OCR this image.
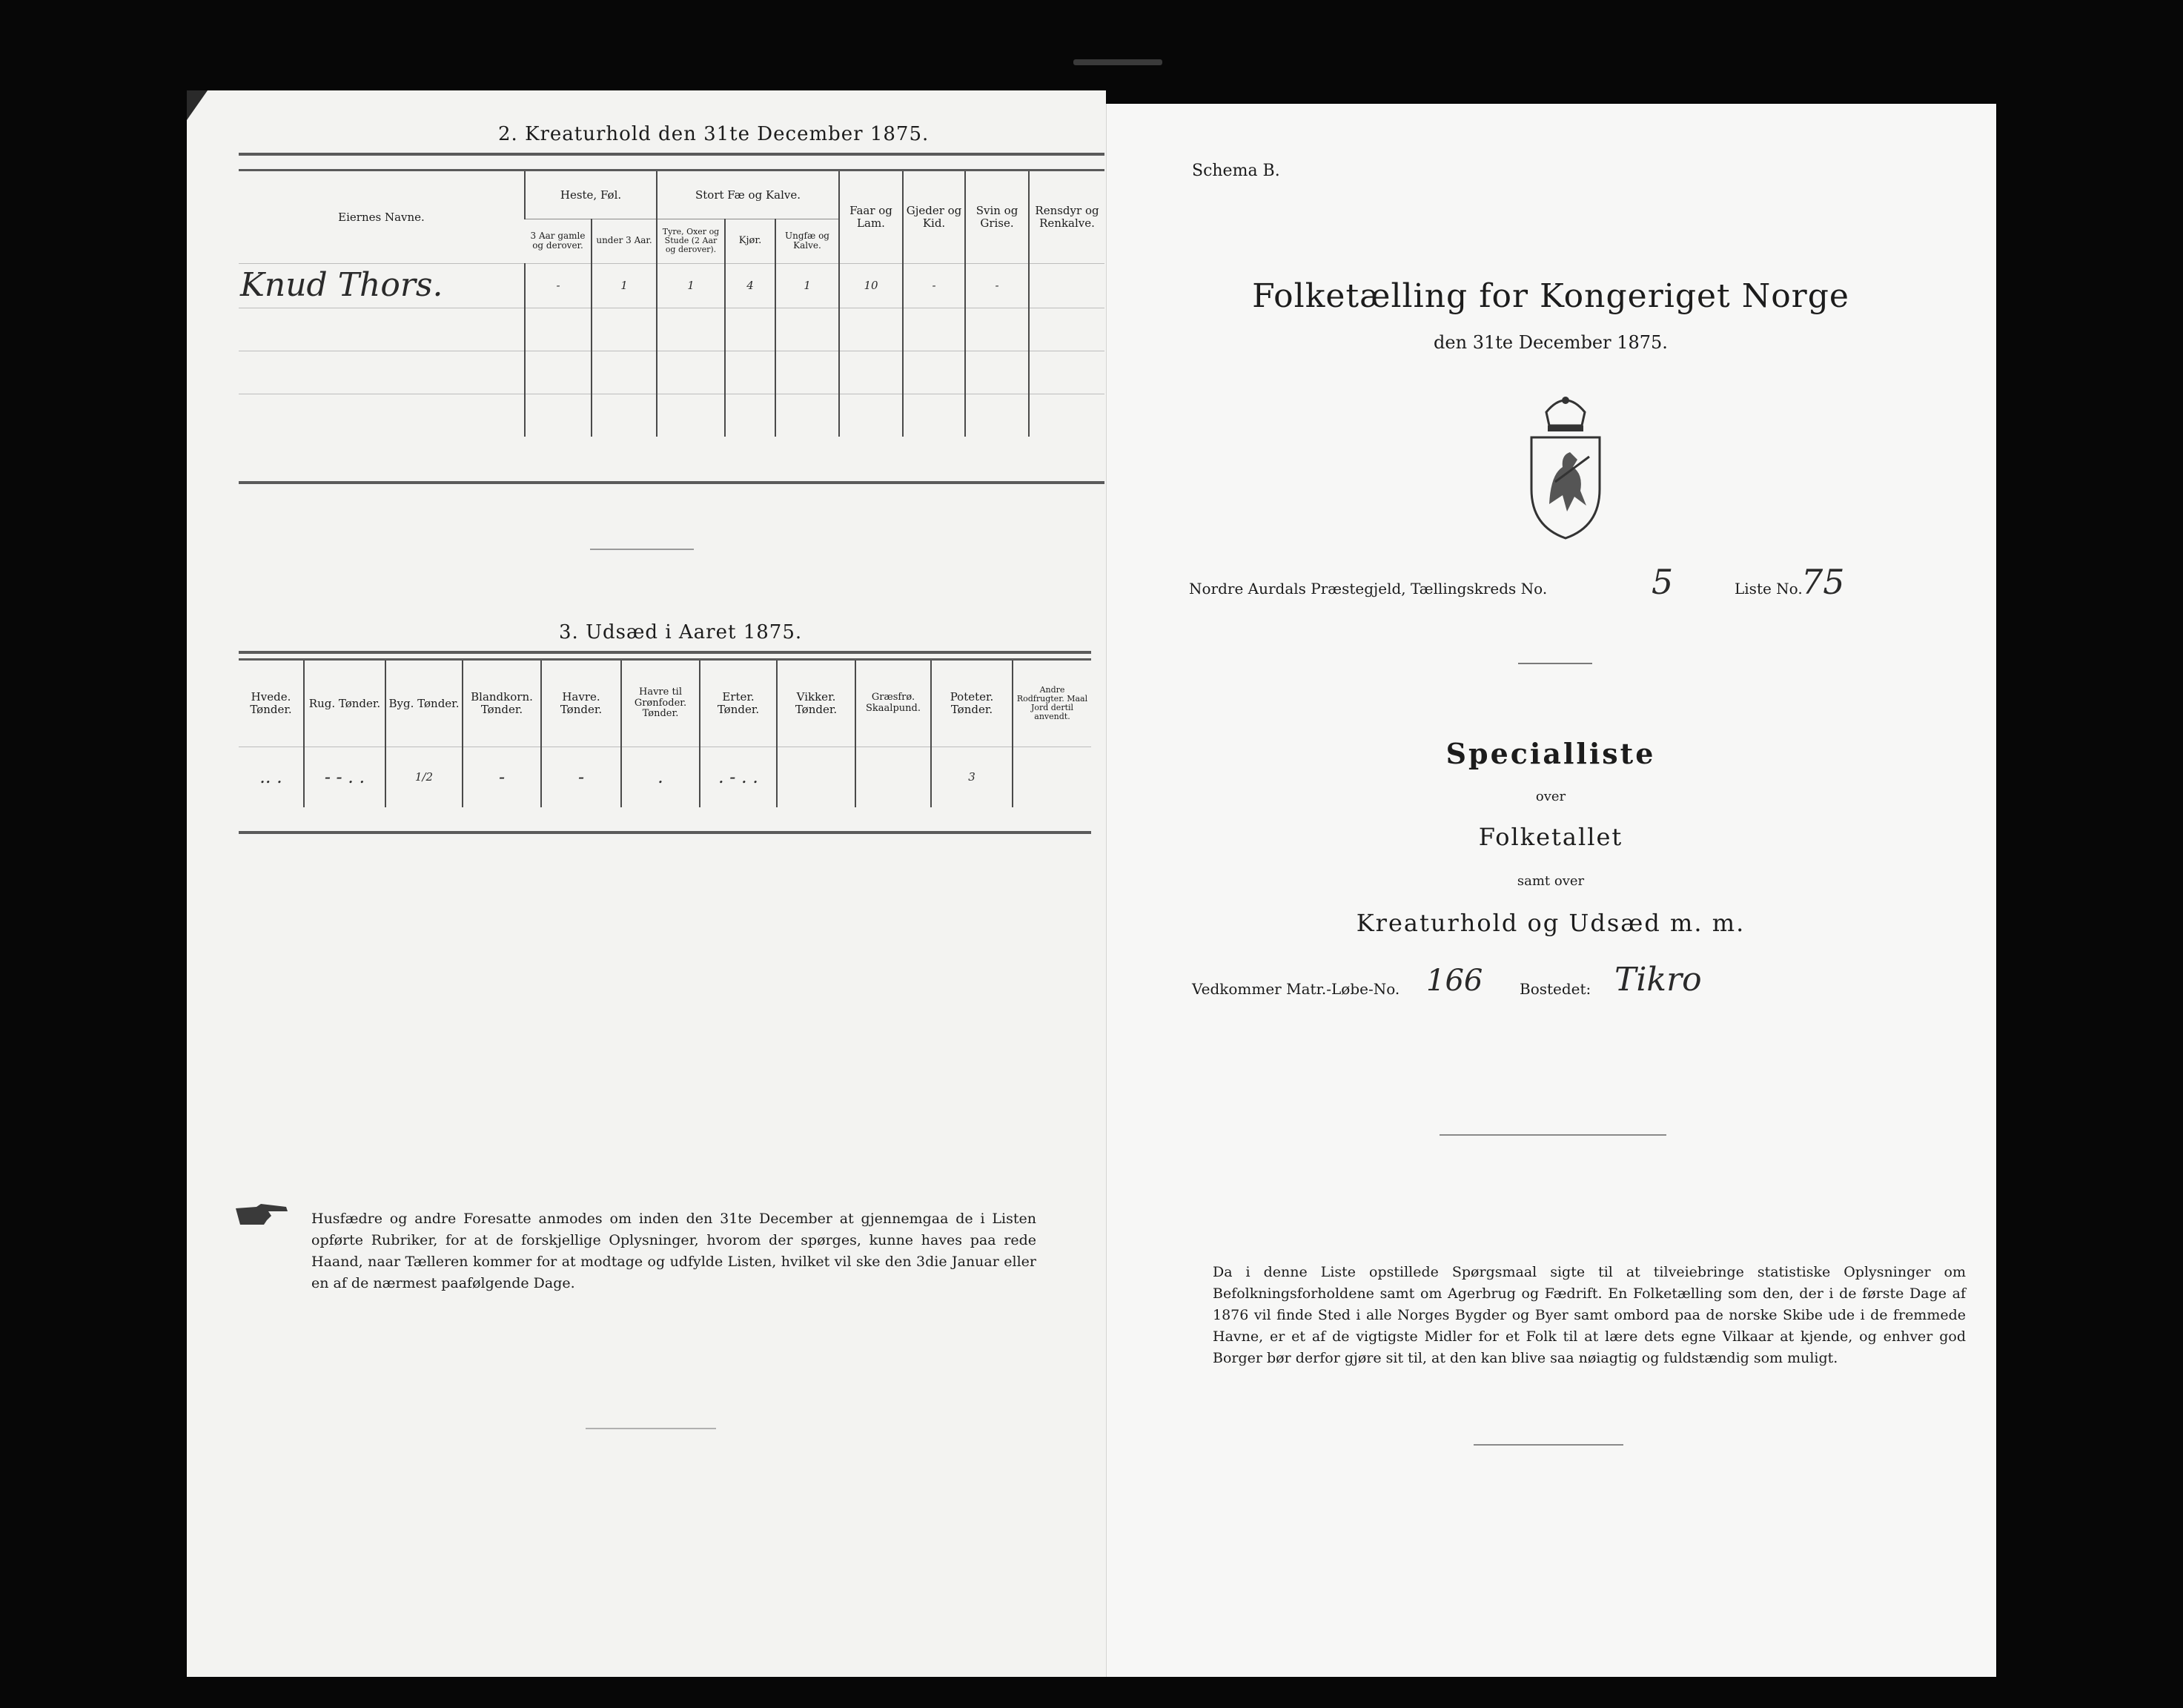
2. Kreaturhold den 31te December 1875.
Eiernes Navne.	Heste, Føl.		Stort Fæ og Kalve.			Faar og Lam.	Gjeder og Kid.	Svin og Grise.	Rensdyr og Renkalve.
	3 Aar gamle og derover.	under 3 Aar.	Tyre, Oxer og Stude (2 Aar og derover).	Kjør.	Ungfæ og Kalve.				
Knud Thors.	-	1	1	4	1	10	-	-	

3. Udsæd i Aaret 1875.
Hvede. Tønder.	Rug. Tønder.	Byg. Tønder.	Blandkorn. Tønder.	Havre. Tønder.	Havre til Grønfoder. Tønder.	Erter. Tønder.	Vikker. Tønder.	Græsfrø. Skaalpund.	Poteter. Tønder.	Andre Rodfrugter. Maal Jord dertil anvendt.
.. .	- - . .	1/2	-	-	.	. - . .			3	

Husfædre og andre Foresatte anmodes om inden den 31te December at gjennemgaa de i Listen opførte Rubriker, for at de forskjellige Oplysninger, hvorom der spørges, kunne haves paa rede Haand, naar Tælleren kommer for at modtage og udfylde Listen, hvilket vil ske den 3die Januar eller en af de nærmest paafølgende Dage.

Schema B.
Folketælling for Kongeriget Norge
den 31te December 1875.
Nordre Aurdals Præstegjeld, Tællingskreds No.	5	Liste No.
75
Specialliste
over
Folketallet
samt over
Kreaturhold og Udsæd m. m.
Vedkommer Matr.-Løbe-No. 166 Bostedet: Tikro

Da i denne Liste opstillede Spørgsmaal sigte til at tilveiebringe statistiske Oplysninger om Befolkningsforholdene samt om Agerbrug og Fædrift. En Folketælling som den, der i de første Dage af 1876 vil finde Sted i alle Norges Bygder og Byer samt ombord paa de norske Skibe ude i de fremmede Havne, er et af de vigtigste Midler for et Folk til at lære dets egne Vilkaar at kjende, og enhver god Borger bør derfor gjøre sit til, at den kan blive saa nøiagtig og fuldstændig som muligt.
